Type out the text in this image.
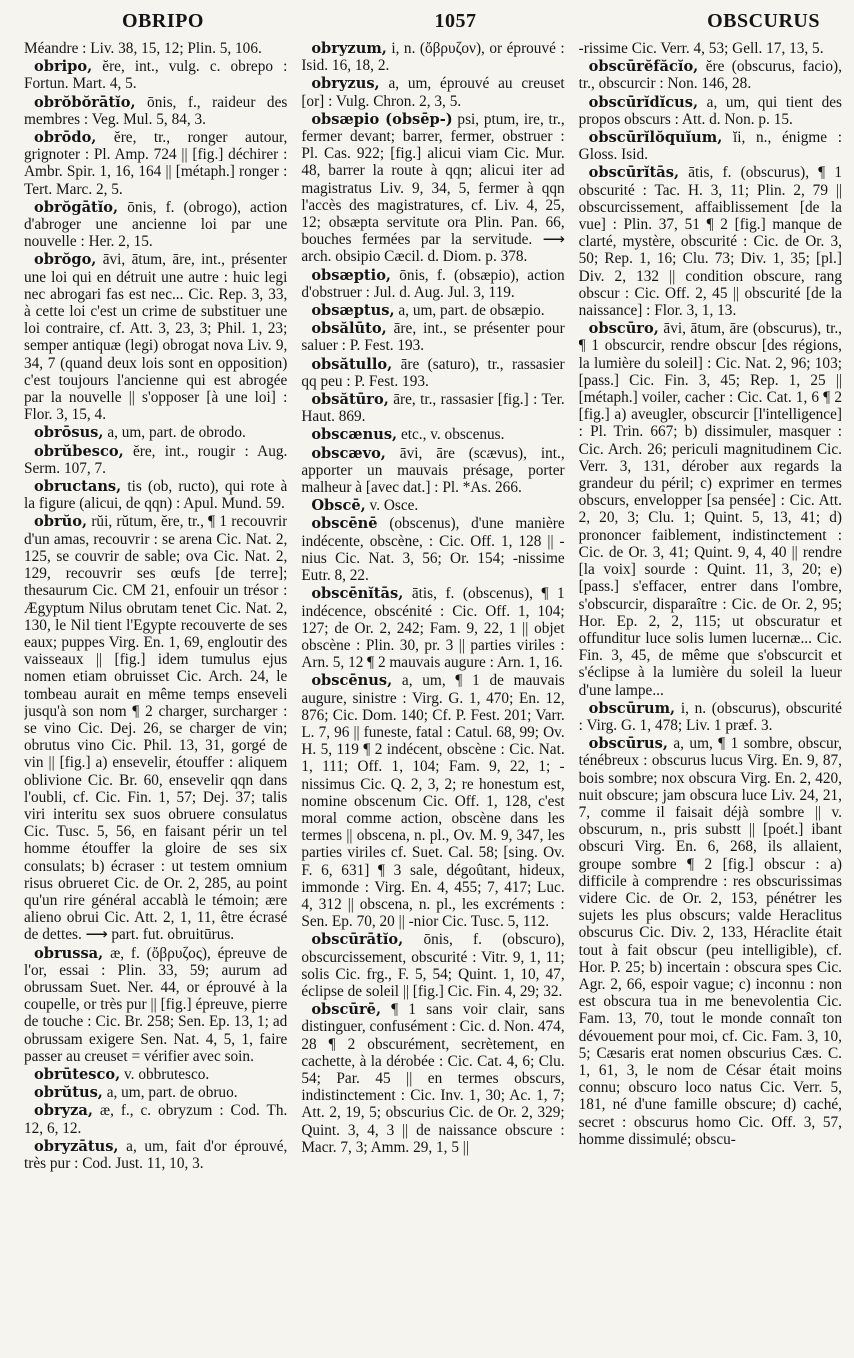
OBRIPO	1057	OBSCURUS

Méandre : Liv. 38, 15, 12; Plin. 5, 106.

obripo, ĕre, int., vulg. c. obrepo : Fortun. Mart. 4, 5.

obrŏbŏrātĭo, ōnis, f., raideur des membres : Veg. Mul. 5, 84, 3.

obrōdo, ĕre, tr., ronger autour, grignoter : Pl. Amp. 724 || [fig.] déchirer : Ambr. Spir. 1, 16, 164 || [métaph.] ronger : Tert. Marc. 2, 5.

obrŏgātĭo, ōnis, f. (obrogo), action d'abroger une ancienne loi par une nouvelle : Her. 2, 15.

obrŏgo, āvi, ātum, āre, int., présenter une loi qui en détruit une autre : huic legi nec abrogari fas est nec... Cic. Rep. 3, 33, à cette loi c'est un crime de substituer une loi contraire, cf. Att. 3, 23, 3; Phil. 1, 23; semper antiquæ (legi) obrogat nova Liv. 9, 34, 7 (quand deux lois sont en opposition) c'est toujours l'ancienne qui est abrogée par la nouvelle || s'opposer [à une loi] : Flor. 3, 15, 4.

obrōsus, a, um, part. de obrodo.

obrŭbesco, ĕre, int., rougir : Aug. Serm. 107, 7.

obructans, tis (ob, ructo), qui rote à la figure (alicui, de qqn) : Apul. Mund. 59.

obrŭo, rŭi, rŭtum, ĕre, tr., ¶ 1 recouvrir d'un amas, recouvrir : se arena Cic. Nat. 2, 125, se couvrir de sable; ova Cic. Nat. 2, 129, recouvrir ses œufs [de terre]; thesaurum Cic. CM 21, enfouir un trésor : Ægyptum Nilus obrutam tenet Cic. Nat. 2, 130, le Nil tient l'Egypte recouverte de ses eaux; puppes Virg. En. 1, 69, engloutir des vaisseaux || [fig.] idem tumulus ejus nomen etiam obruisset Cic. Arch. 24, le tombeau aurait en même temps enseveli jusqu'à son nom ¶ 2 charger, surcharger : se vino Cic. Dej. 26, se charger de vin; obrutus vino Cic. Phil. 13, 31, gorgé de vin || [fig.] a) ensevelir, étouffer : aliquem oblivione Cic. Br. 60, ensevelir qqn dans l'oubli, cf. Cic. Fin. 1, 57; Dej. 37; talis viri interitu sex suos obruere consulatus Cic. Tusc. 5, 56, en faisant périr un tel homme étouffer la gloire de ses six consulats; b) écraser : ut testem omnium risus obrueret Cic. de Or. 2, 285, au point qu'un rire général accablà le témoin; ære alieno obrui Cic. Att. 2, 1, 11, être écrasé de dettes. ⟶ part. fut. obruitūrus.

obrussa, æ, f. (ὄβρυζος), épreuve de l'or, essai : Plin. 33, 59; aurum ad obrussam Suet. Ner. 44, or éprouvé à la coupelle, or très pur || [fig.] épreuve, pierre de touche : Cic. Br. 258; Sen. Ep. 13, 1; ad obrussam exigere Sen. Nat. 4, 5, 1, faire passer au creuset = vérifier avec soin.

obrūtesco, v. obbrutesco.

obrŭtus, a, um, part. de obruo.

obryza, æ, f., c. obryzum : Cod. Th. 12, 6, 12.

obryzātus, a, um, fait d'or éprouvé, très pur : Cod. Just. 11, 10, 3.

obryzum, i, n. (ὄβρυζον), or éprouvé : Isid. 16, 18, 2.

obryzus, a, um, éprouvé au creuset [or] : Vulg. Chron. 2, 3, 5.

obsæpio (obsēp-) psi, ptum, ire, tr., fermer devant; barrer, fermer, obstruer : Pl. Cas. 922; [fig.] alicui viam Cic. Mur. 48, barrer la route à qqn; alicui iter ad magistratus Liv. 9, 34, 5, fermer à qqn l'accès des magistratures, cf. Liv. 4, 25, 12; obsæpta servitute ora Plin. Pan. 66, bouches fermées par la servitude. ⟶ arch. obsipio Cæcil. d. Diom. p. 378.

obsæptio, ōnis, f. (obsæpio), action d'obstruer : Jul. d. Aug. Jul. 3, 119.

obsæptus, a, um, part. de obsæpio.

obsălūto, āre, int., se présenter pour saluer : P. Fest. 193.

obsătullo, āre (saturo), tr., rassasier qq peu : P. Fest. 193.

obsătūro, āre, tr., rassasier [fig.] : Ter. Haut. 869.

obscænus, etc., v. obscenus.

obscævo, āvi, āre (scævus), int., apporter un mauvais présage, porter malheur à [avec dat.] : Pl. *As. 266.

Obscē, v. Osce.

obscēnē (obscenus), d'une manière indécente, obscène, : Cic. Off. 1, 128 || -nius Cic. Nat. 3, 56; Or. 154; -nissime Eutr. 8, 22.

obscēnĭtās, ātis, f. (obscenus), ¶ 1 indécence, obscénité : Cic. Off. 1, 104; 127; de Or. 2, 242; Fam. 9, 22, 1 || objet obscène : Plin. 30, pr. 3 || parties viriles : Arn. 5, 12 ¶ 2 mauvais augure : Arn. 1, 16.

obscēnus, a, um, ¶ 1 de mauvais augure, sinistre : Virg. G. 1, 470; En. 12, 876; Cic. Dom. 140; Cf. P. Fest. 201; Varr. L. 7, 96 || funeste, fatal : Catul. 68, 99; Ov. H. 5, 119 ¶ 2 indécent, obscène : Cic. Nat. 1, 111; Off. 1, 104; Fam. 9, 22, 1; -nissimus Cic. Q. 2, 3, 2; re honestum est, nomine obscenum Cic. Off. 1, 128, c'est moral comme action, obscène dans les termes || obscena, n. pl., Ov. M. 9, 347, les parties viriles cf. Suet. Cal. 58; [sing. Ov. F. 6, 631] ¶ 3 sale, dégoûtant, hideux, immonde : Virg. En. 4, 455; 7, 417; Luc. 4, 312 || obscena, n. pl., les excréments : Sen. Ep. 70, 20 || -nior Cic. Tusc. 5, 112.

obscūrātĭo, ōnis, f. (obscuro), obscurcissement, obscurité : Vitr. 9, 1, 11; solis Cic. frg., F. 5, 54; Quint. 1, 10, 47, éclipse de soleil || [fig.] Cic. Fin. 4, 29; 32.

obscūrē, ¶ 1 sans voir clair, sans distinguer, confusément : Cic. d. Non. 474, 28 ¶ 2 obscurément, secrètement, en cachette, à la dérobée : Cic. Cat. 4, 6; Clu. 54; Par. 45 || en termes obscurs, indistinctement : Cic. Inv. 1, 30; Ac. 1, 7; Att. 2, 19, 5; obscurius Cic. de Or. 2, 329; Quint. 3, 4, 3 || de naissance obscure : Macr. 7, 3; Amm. 29, 1, 5 ||

-rissime Cic. Verr. 4, 53; Gell. 17, 13, 5.

obscūrĕfăcĭo, ĕre (obscurus, facio), tr., obscurcir : Non. 146, 28.

obscūrĭdĭcus, a, um, qui tient des propos obscurs : Att. d. Non. p. 15.

obscūrĭlŏquĭum, ĭi, n., énigme : Gloss. Isid.

obscūrĭtās, ātis, f. (obscurus), ¶ 1 obscurité : Tac. H. 3, 11; Plin. 2, 79 || obscurcissement, affaiblissement [de la vue] : Plin. 37, 51 ¶ 2 [fig.] manque de clarté, mystère, obscurité : Cic. de Or. 3, 50; Rep. 1, 16; Clu. 73; Div. 1, 35; [pl.] Div. 2, 132 || condition obscure, rang obscur : Cic. Off. 2, 45 || obscurité [de la naissance] : Flor. 3, 1, 13.

obscūro, āvi, ātum, āre (obscurus), tr., ¶ 1 obscurcir, rendre obscur [des régions, la lumière du soleil] : Cic. Nat. 2, 96; 103; [pass.] Cic. Fin. 3, 45; Rep. 1, 25 || [métaph.] voiler, cacher : Cic. Cat. 1, 6 ¶ 2 [fig.] a) aveugler, obscurcir [l'intelligence] : Pl. Trin. 667; b) dissimuler, masquer : Cic. Arch. 26; periculi magnitudinem Cic. Verr. 3, 131, dérober aux regards la grandeur du péril; c) exprimer en termes obscurs, envelopper [sa pensée] : Cic. Att. 2, 20, 3; Clu. 1; Quint. 5, 13, 41; d) prononcer faiblement, indistinctement : Cic. de Or. 3, 41; Quint. 9, 4, 40 || rendre [la voix] sourde : Quint. 11, 3, 20; e) [pass.] s'effacer, entrer dans l'ombre, s'obscurcir, disparaître : Cic. de Or. 2, 95; Hor. Ep. 2, 2, 115; ut obscuratur et offunditur luce solis lumen lucernæ... Cic. Fin. 3, 45, de même que s'obscurcit et s'éclipse à la lumière du soleil la lueur d'une lampe...

obscūrum, i, n. (obscurus), obscurité : Virg. G. 1, 478; Liv. 1 præf. 3.

obscūrus, a, um, ¶ 1 sombre, obscur, ténébreux : obscurus lucus Virg. En. 9, 87, bois sombre; nox obscura Virg. En. 2, 420, nuit obscure; jam obscura luce Liv. 24, 21, 7, comme il faisait déjà sombre || v. obscurum, n., pris substt || [poét.] ibant obscuri Virg. En. 6, 268, ils allaient, groupe sombre ¶ 2 [fig.] obscur : a) difficile à comprendre : res obscurissimas videre Cic. de Or. 2, 153, pénétrer les sujets les plus obscurs; valde Heraclitus obscurus Cic. Div. 2, 133, Héraclite était tout à fait obscur (peu intelligible), cf. Hor. P. 25; b) incertain : obscura spes Cic. Agr. 2, 66, espoir vague; c) inconnu : non est obscura tua in me benevolentia Cic. Fam. 13, 70, tout le monde connaît ton dévouement pour moi, cf. Cic. Fam. 3, 10, 5; Cæsaris erat nomen obscurius Cæs. C. 1, 61, 3, le nom de César était moins connu; obscuro loco natus Cic. Verr. 5, 181, né d'une famille obscure; d) caché, secret : obscurus homo Cic. Off. 3, 57, homme dissimulé; obscu-
